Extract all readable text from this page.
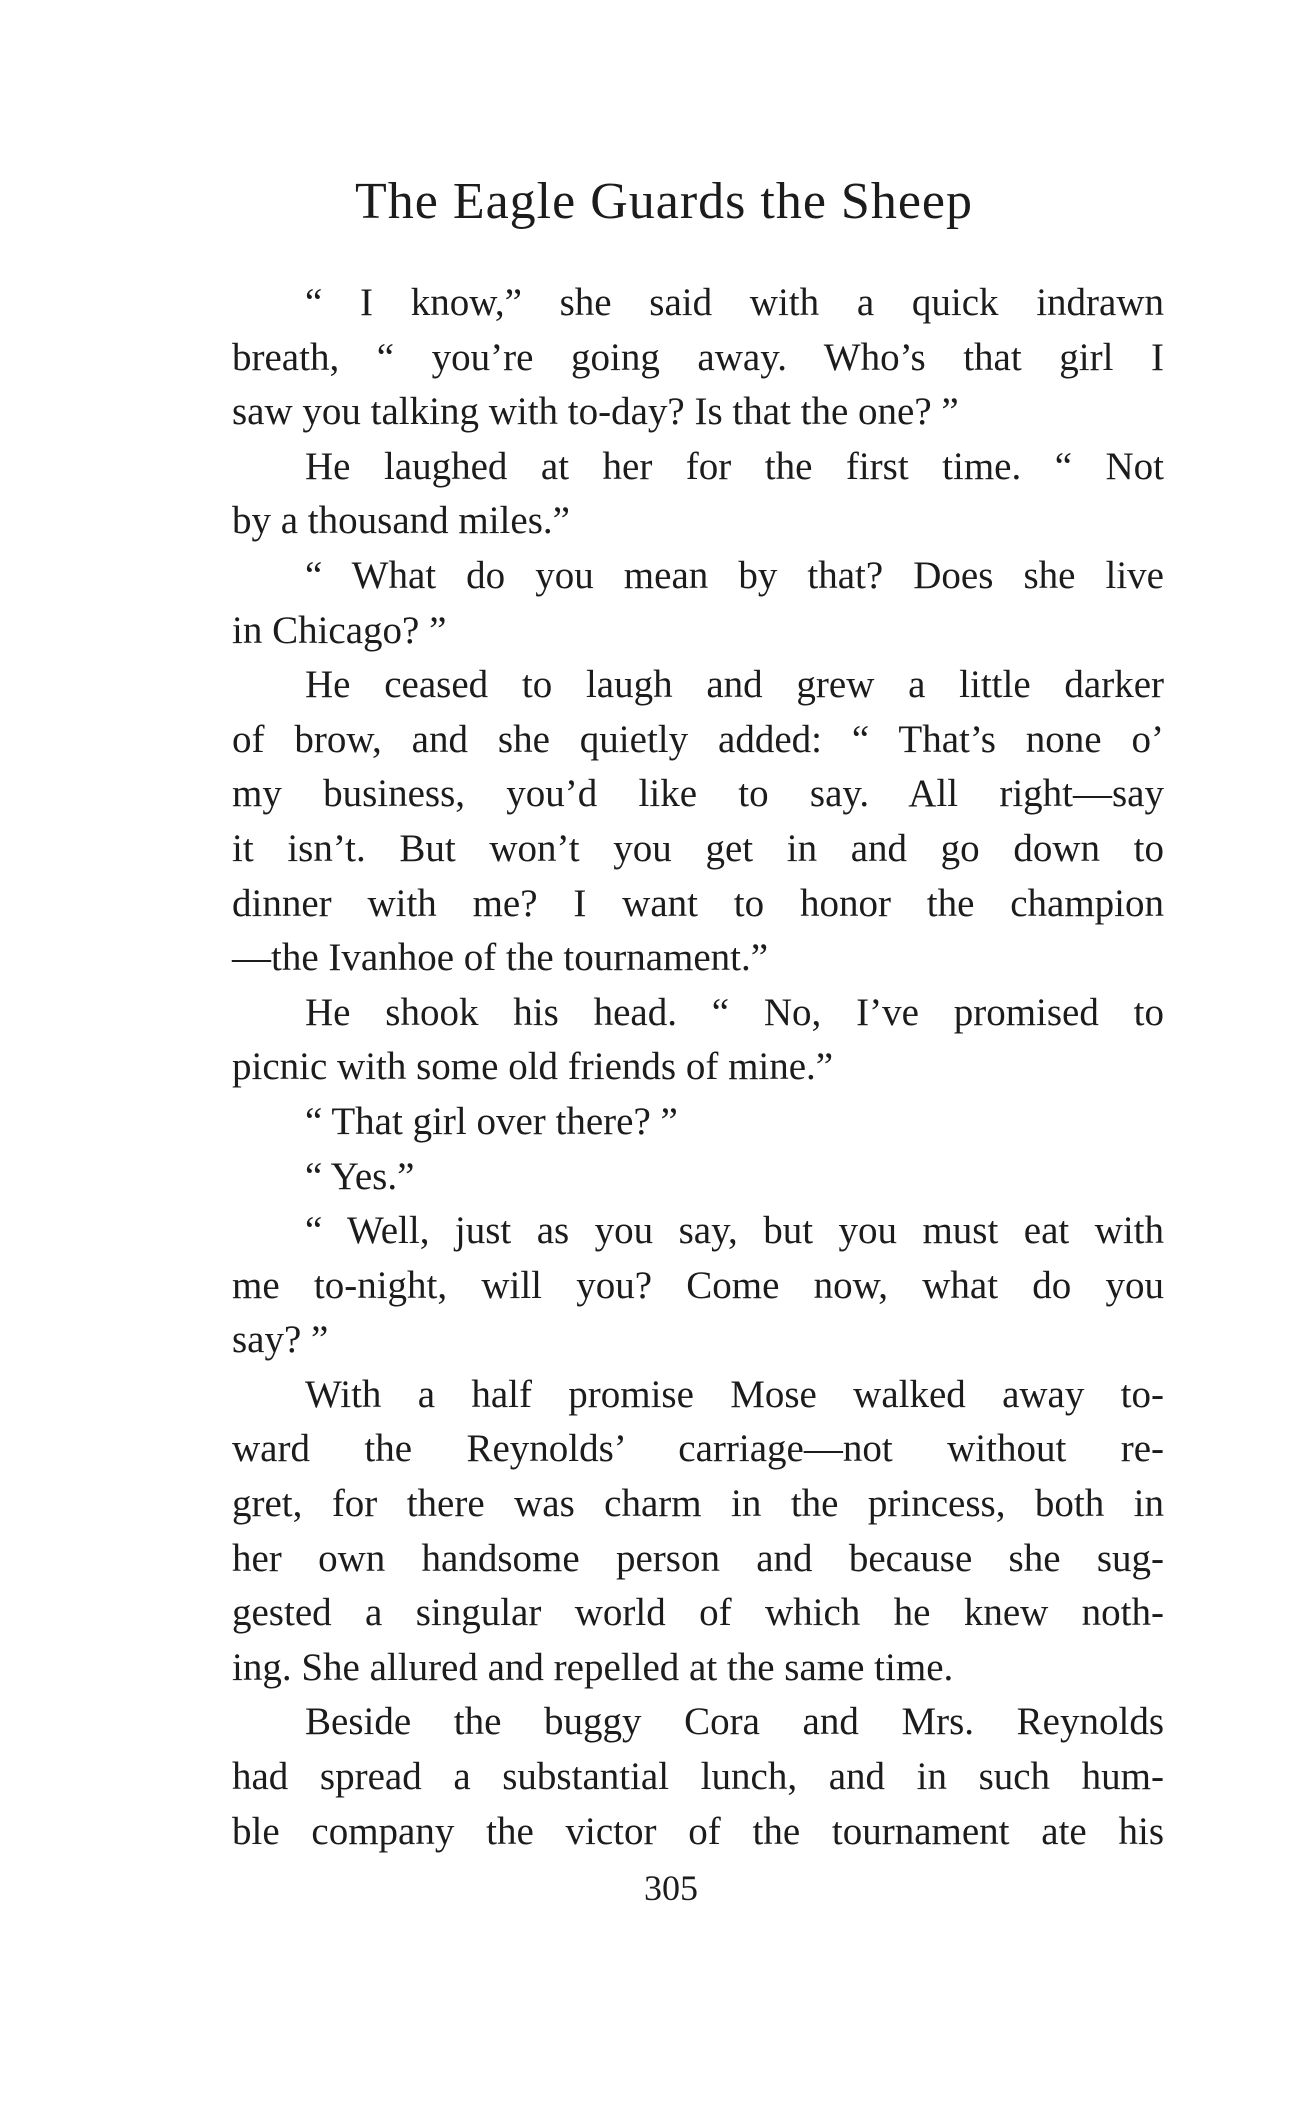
The Eagle Guards the Sheep
“ I know,” she said with a quick indrawn
breath, “ you’re going away. Who’s that girl I
saw you talking with to-day? Is that the one? ”
He laughed at her for the first time. “ Not
by a thousand miles.”
“ What do you mean by that? Does she live
in Chicago? ”
He ceased to laugh and grew a little darker
of brow, and she quietly added: “ That’s none o’
my business, you’d like to say. All right—say
it isn’t. But won’t you get in and go down to
dinner with me? I want to honor the champion
—the Ivanhoe of the tournament.”
He shook his head. “ No, I’ve promised to
picnic with some old friends of mine.”
“ That girl over there? ”
“ Yes.”
“ Well, just as you say, but you must eat with
me to-night, will you? Come now, what do you
say? ”
With a half promise Mose walked away to-
ward the Reynolds’ carriage—not without re-
gret, for there was charm in the princess, both in
her own handsome person and because she sug-
gested a singular world of which he knew noth-
ing. She allured and repelled at the same time.
Beside the buggy Cora and Mrs. Reynolds
had spread a substantial lunch, and in such hum-
ble company the victor of the tournament ate his
305
